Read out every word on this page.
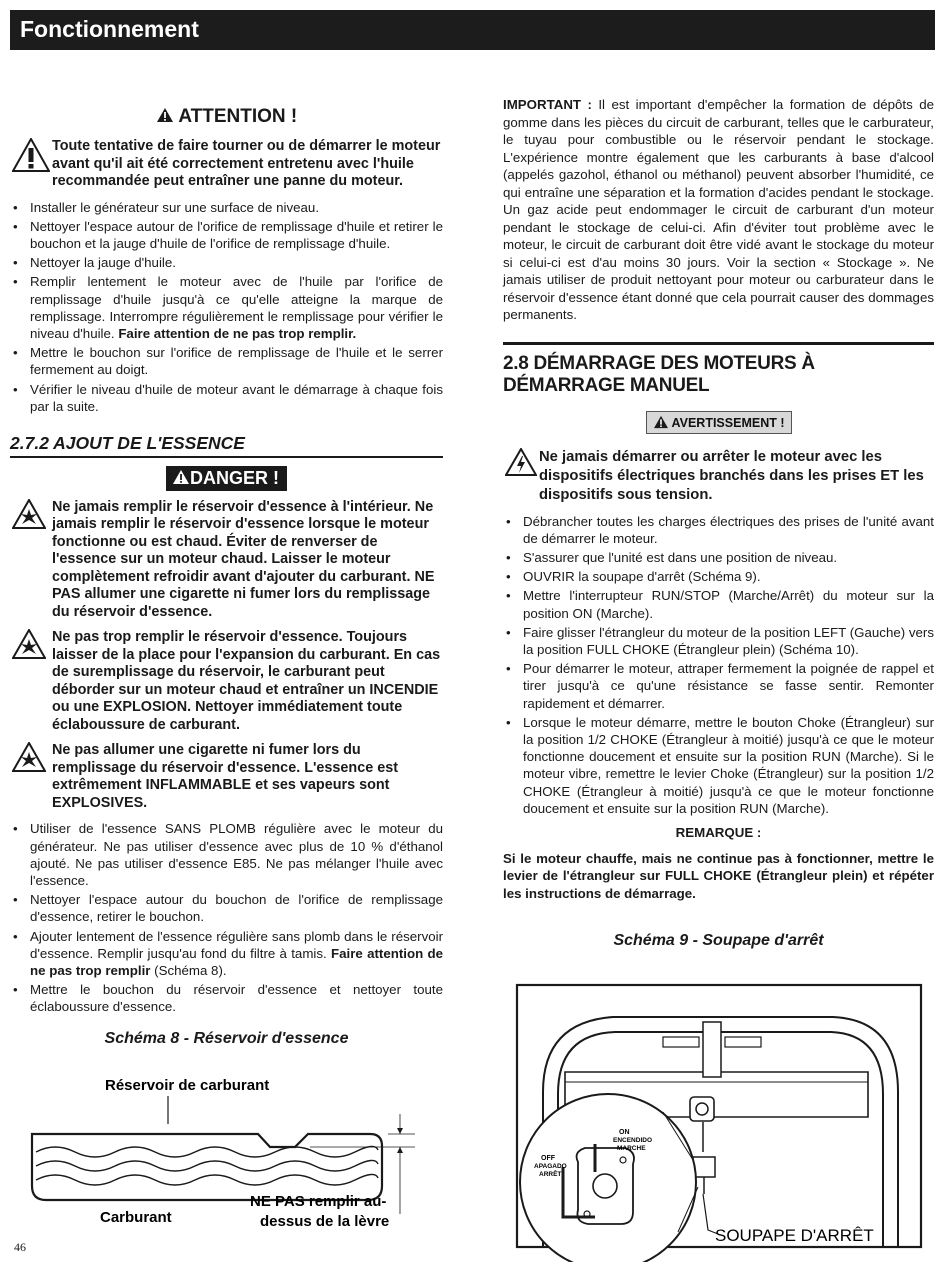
Fonctionnement
ATTENTION !
Toute tentative de faire tourner ou de démarrer le moteur avant qu'il ait été correctement entretenu avec l'huile recommandée peut entraîner une panne du moteur.
• Installer le générateur sur une surface de niveau.
• Nettoyer l'espace autour de l'orifice de remplissage d'huile et retirer le bouchon et la jauge d'huile de l'orifice de remplissage d'huile.
• Nettoyer la jauge d'huile.
• Remplir lentement le moteur avec de l'huile par l'orifice de remplissage d'huile jusqu'à ce qu'elle atteigne la marque de remplissage. Interrompre régulièrement le remplissage pour vérifier le niveau d'huile. Faire attention de ne pas trop remplir.
• Mettre le bouchon sur l'orifice de remplissage de l'huile et le serrer fermement au doigt.
• Vérifier le niveau d'huile de moteur avant le démarrage à chaque fois par la suite.
2.7.2 AJOUT DE L'ESSENCE
DANGER !
Ne jamais remplir le réservoir d'essence à l'intérieur. Ne jamais remplir le réservoir d'essence lorsque le moteur fonctionne ou est chaud. Éviter de renverser de l'essence sur un moteur chaud. Laisser le moteur complètement refroidir avant d'ajouter du carburant. NE PAS allumer une cigarette ni fumer lors du remplissage du réservoir d'essence.
Ne pas trop remplir le réservoir d'essence. Toujours laisser de la place pour l'expansion du carburant. En cas de suremplissage du réservoir, le carburant peut déborder sur un moteur chaud et entraîner un INCENDIE ou une EXPLOSION. Nettoyer immédiatement toute éclaboussure de carburant.
Ne pas allumer une cigarette ni fumer lors du remplissage du réservoir d'essence. L'essence est extrêmement INFLAMMABLE et ses vapeurs sont EXPLOSIVES.
• Utiliser de l'essence SANS PLOMB régulière avec le moteur du générateur. Ne pas utiliser d'essence avec plus de 10 % d'éthanol ajouté. Ne pas utiliser d'essence E85. Ne pas mélanger l'huile avec l'essence.
• Nettoyer l'espace autour du bouchon de l'orifice de remplissage d'essence, retirer le bouchon.
• Ajouter lentement de l'essence régulière sans plomb dans le réservoir d'essence. Remplir jusqu'au fond du filtre à tamis. Faire attention de ne pas trop remplir (Schéma 8).
• Mettre le bouchon du réservoir d'essence et nettoyer toute éclaboussure d'essence.
Schéma 8 - Réservoir d'essence
Réservoir de carburant
Carburant
NE PAS remplir au-
dessus de la lèvre

IMPORTANT : Il est important d'empêcher la formation de dépôts de gomme dans les pièces du circuit de carburant, telles que le carburateur, le tuyau pour combustible ou le réservoir pendant le stockage. L'expérience montre également que les carburants à base d'alcool (appelés gazohol, éthanol ou méthanol) peuvent absorber l'humidité, ce qui entraîne une séparation et la formation d'acides pendant le stockage. Un gaz acide peut endommager le circuit de carburant d'un moteur pendant le stockage de celui-ci. Afin d'éviter tout problème avec le moteur, le circuit de carburant doit être vidé avant le stockage du moteur si celui-ci est d'au moins 30 jours. Voir la section « Stockage ». Ne jamais utiliser de produit nettoyant pour moteur ou carburateur dans le réservoir d'essence étant donné que cela pourrait causer des dommages permanents.

2.8 DÉMARRAGE DES MOTEURS À DÉMARRAGE MANUEL
AVERTISSEMENT !
Ne jamais démarrer ou arrêter le moteur avec les dispositifs électriques branchés dans les prises ET les dispositifs sous tension.
• Débrancher toutes les charges électriques des prises de l'unité avant de démarrer le moteur.
• S'assurer que l'unité est dans une position de niveau.
• OUVRIR la soupape d'arrêt (Schéma 9).
• Mettre l'interrupteur RUN/STOP (Marche/Arrêt) du moteur sur la position ON (Marche).
• Faire glisser l'étrangleur du moteur de la position LEFT (Gauche) vers la position FULL CHOKE (Étrangleur plein) (Schéma 10).
• Pour démarrer le moteur, attraper fermement la poignée de rappel et tirer jusqu'à ce qu'une résistance se fasse sentir. Remonter rapidement et démarrer.
• Lorsque le moteur démarre, mettre le bouton Choke (Étrangleur) sur la position 1/2 CHOKE (Étrangleur à moitié) jusqu'à ce que le moteur fonctionne doucement et ensuite sur la position RUN (Marche). Si le moteur vibre, remettre le levier Choke (Étrangleur) sur la position 1/2 CHOKE (Étrangleur à moitié) jusqu'à ce que le moteur fonctionne doucement et ensuite sur la position RUN (Marche).
REMARQUE :
Si le moteur chauffe, mais ne continue pas à fonctionner, mettre le levier de l'étrangleur sur FULL CHOKE (Étrangleur plein) et répéter les instructions de démarrage.
Schéma 9 - Soupape d'arrêt
ON
ENCENDIDO
MARCHE
OFF
APAGADO
ARRÊT
SOUPAPE D'ARRÊT
46
